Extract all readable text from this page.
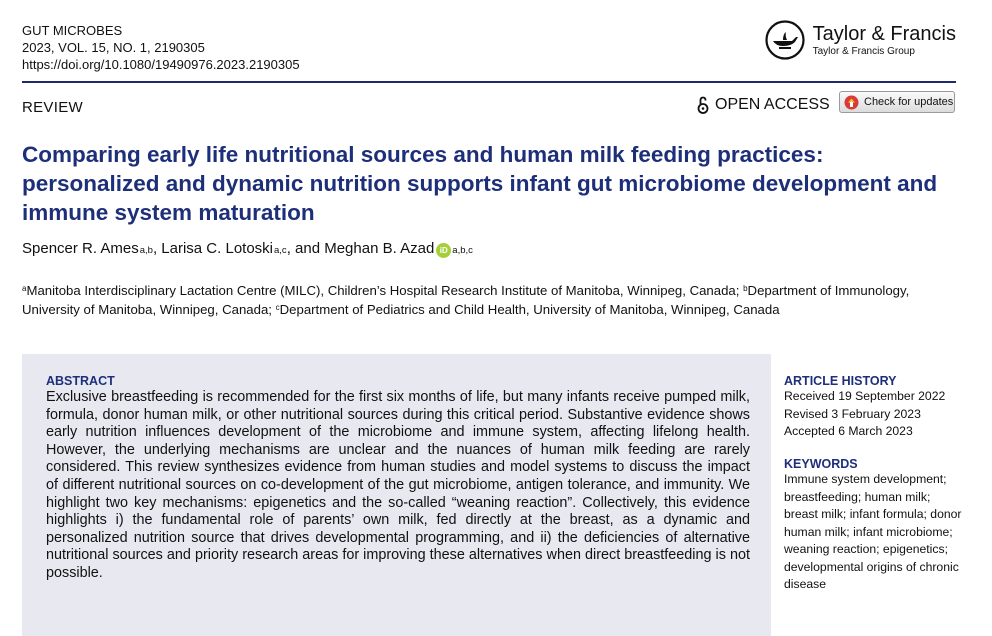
GUT MICROBES
2023, VOL. 15, NO. 1, 2190305
https://doi.org/10.1080/19490976.2023.2190305
Taylor & Francis
Taylor & Francis Group
REVIEW	OPEN ACCESS	Check for updates
Comparing early life nutritional sources and human milk feeding practices: personalized and dynamic nutrition supports infant gut microbiome development and immune system maturation
Spencer R. Ames a,b , Larisa C. Lotoski a,c , and Meghan B. Azad iD a,b,c
$^a$Manitoba Interdisciplinary Lactation Centre (MILC), Children’s Hospital Research Institute of Manitoba, Winnipeg, Canada; $^b$Department of Immunology, University of Manitoba, Winnipeg, Canada; $^c$Department of Pediatrics and Child Health, University of Manitoba, Winnipeg, Canada
ABSTRACT
Exclusive breastfeeding is recommended for the first six months of life, but many infants receive pumped milk, formula, donor human milk, or other nutritional sources during this critical period. Substantive evidence shows early nutrition influences development of the microbiome and immune system, affecting lifelong health. However, the underlying mechanisms are unclear and the nuances of human milk feeding are rarely considered. This review synthesizes evidence from human studies and model systems to discuss the impact of different nutritional sources on co-development of the gut microbiome, antigen tolerance, and immunity. We highlight two key mechanisms: epigenetics and the so-called “weaning reaction”. Collectively, this evidence highlights i) the fundamental role of parents’ own milk, fed directly at the breast, as a dynamic and personalized nutrition source that drives developmental programming, and ii) the deficiencies of alternative nutritional sources and priority research areas for improving these alternatives when direct breastfeeding is not possible.
ARTICLE HISTORY
Received 19 September 2022
Revised 3 February 2023
Accepted 6 March 2023
KEYWORDS
Immune system development; breastfeeding; human milk; breast milk; infant formula; donor human milk; infant microbiome; weaning reaction; epigenetics; developmental origins of chronic disease
